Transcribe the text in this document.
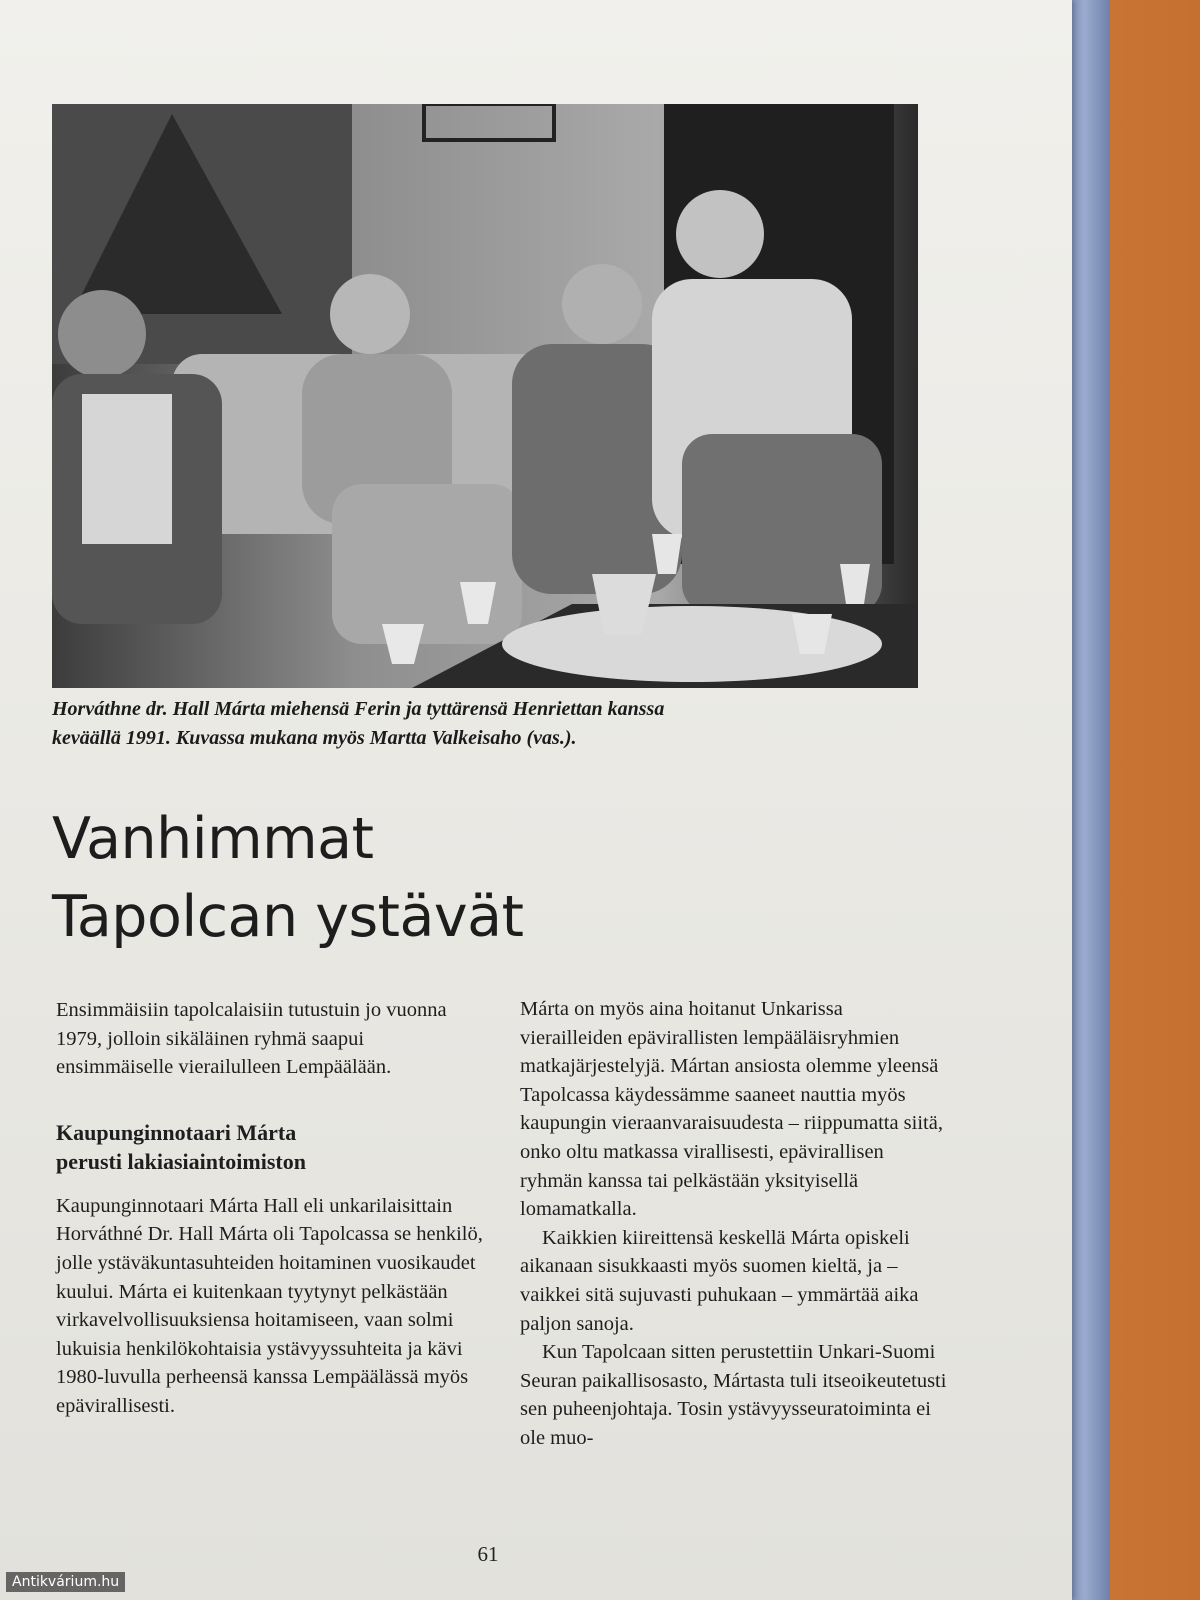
Horváthne dr. Hall Márta miehensä Ferin ja tyttärensä Henriettan kanssa
keväällä 1991. Kuvassa mukana myös Martta Valkeisaho (vas.).
Vanhimmat
Tapolcan ystävät

Ensimmäisiin tapolcalaisiin tutustuin jo vuonna 1979, jolloin sikäläinen ryhmä saapui ensimmäiselle vierailulleen Lempäälään.

Kaupunginnotaari Márta
perusti lakiasiaintoimiston

Kaupunginnotaari Márta Hall eli unkarilaisittain Horváthné Dr. Hall Márta oli Tapolcassa se henkilö, jolle ystäväkuntasuhteiden hoitaminen vuosikaudet kuului. Márta ei kuitenkaan tyytynyt pelkästään virkavelvollisuuksiensa hoitamiseen, vaan solmi lukuisia henkilökohtaisia ystävyyssuhteita ja kävi 1980-luvulla perheensä kanssa Lempäälässä myös epävirallisesti.

Márta on myös aina hoitanut Unkarissa vierailleiden epävirallisten lempääläisryhmien matkajärjestelyjä. Mártan ansiosta olemme yleensä Tapolcassa käydessämme saaneet nauttia myös kaupungin vieraanvaraisuudesta – riippumatta siitä, onko oltu matkassa virallisesti, epävirallisen ryhmän kanssa tai pelkästään yksityisellä lomamatkalla.

Kaikkien kiireittensä keskellä Márta opiskeli aikanaan sisukkaasti myös suomen kieltä, ja – vaikkei sitä sujuvasti puhukaan – ymmärtää aika paljon sanoja.

Kun Tapolcaan sitten perustettiin Unkari-Suomi Seuran paikallisosasto, Mártasta tuli itseoikeutetusti sen puheenjohtaja. Tosin ystävyysseuratoiminta ei ole muo-

61
Antikvárium.hu
